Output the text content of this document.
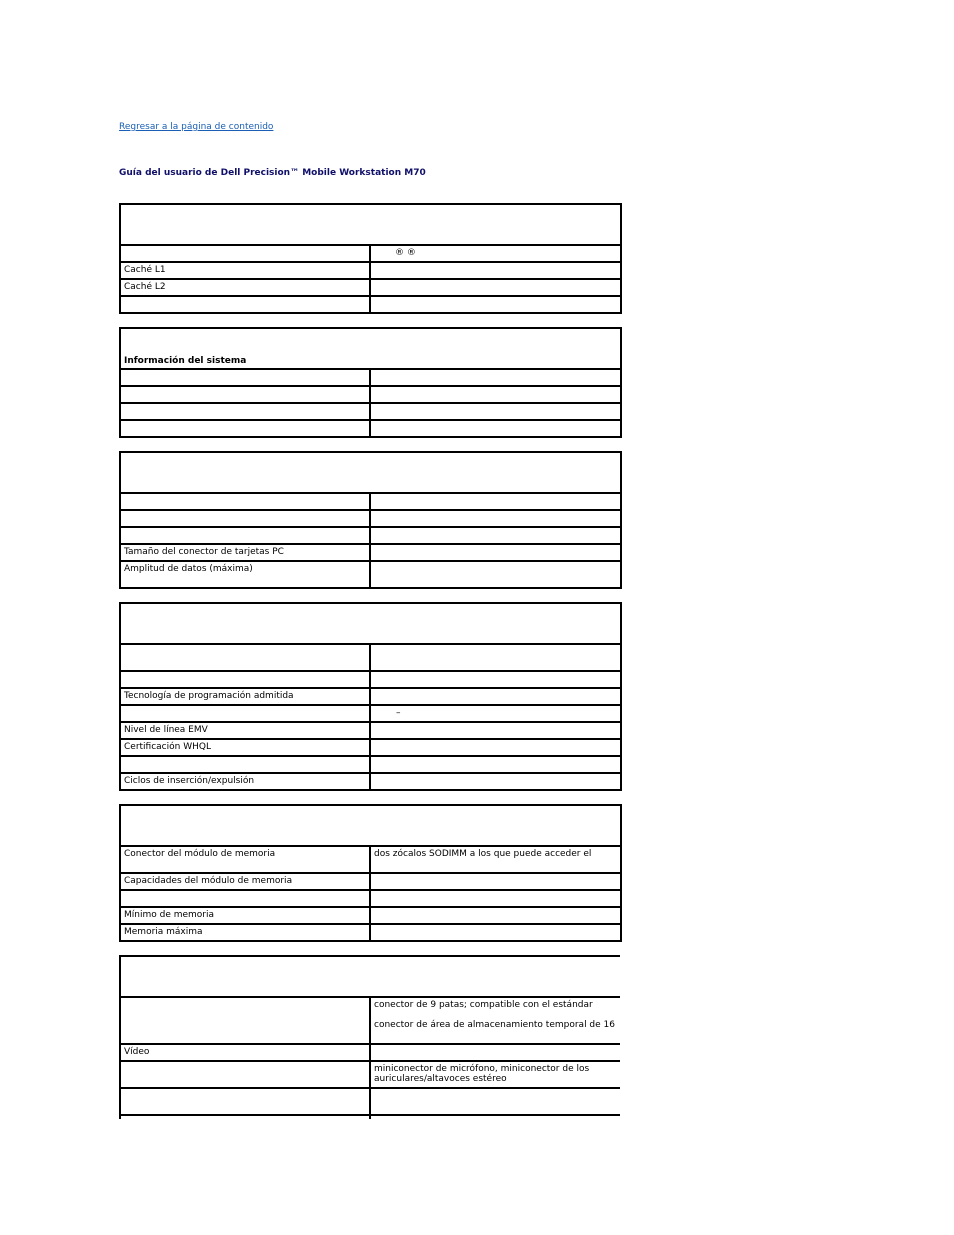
Regresar a la página de contenido
Guía del usuario de Dell Precision™ Mobile Workstation M70

	® ®
Caché L1	
Caché L2	

Información del sistema	

Tamaño del conector de tarjetas PC	
Amplitud de datos (máxima)	

Tecnología de programación admitida	
	–
Nivel de línea EMV	
Certificación WHQL	

Ciclos de inserción/expulsión	

Conector del módulo de memoria	dos zócalos SODIMM a los que puede acceder el
Capacidades del módulo de memoria	

Mínimo de memoria	
Memoria máxima	

	conector de 9 patas; compatible con el estándar

conector de área de almacenamiento temporal de 16

Vídeo	
	miniconector de micrófono, miniconector de los auriculares/altavoces estéreo
